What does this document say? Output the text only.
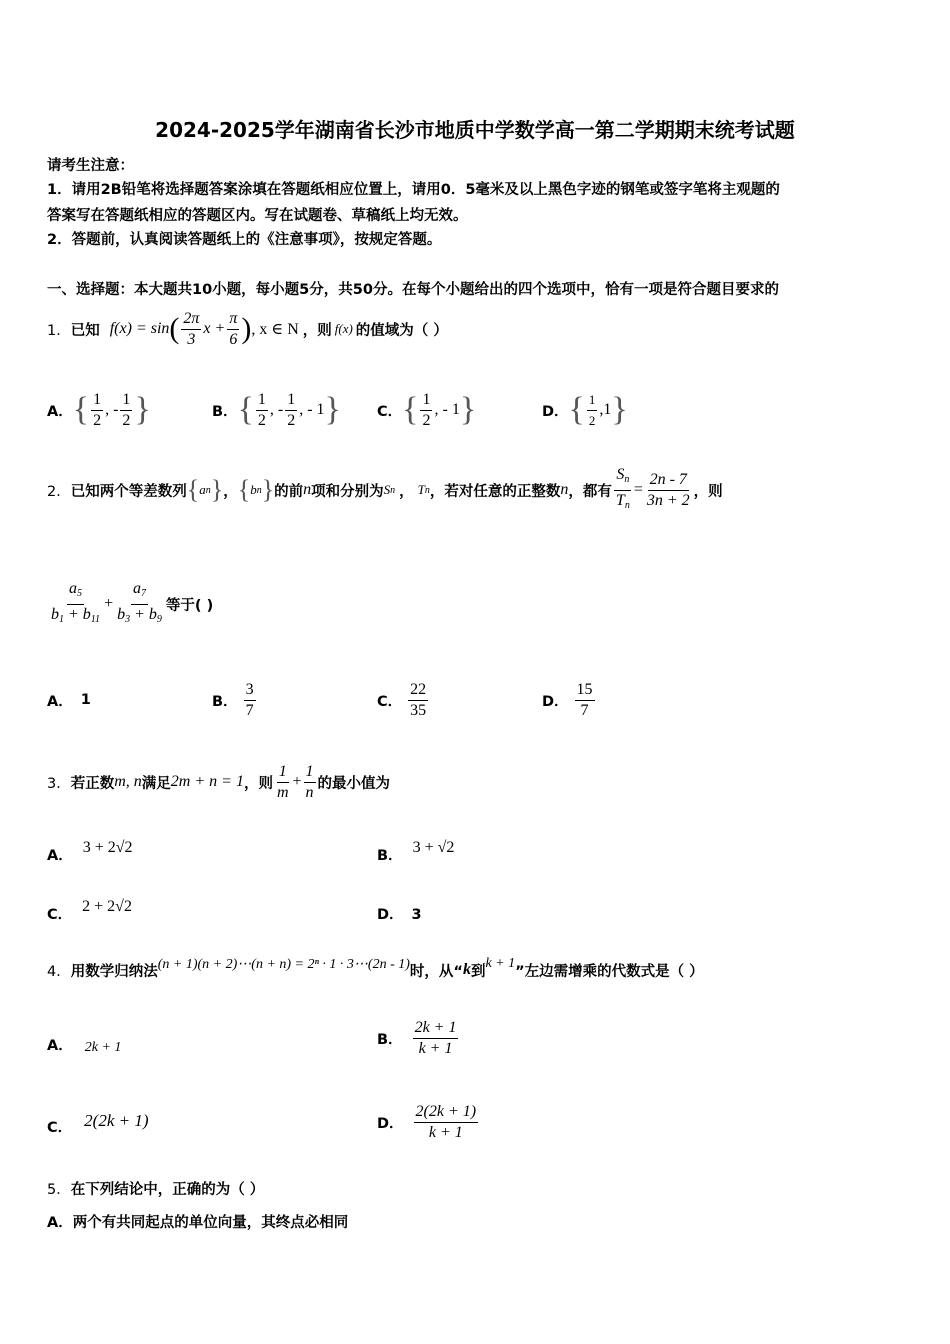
2024-2025学年湖南省长沙市地质中学数学高一第二学期期末统考试题
请考生注意：
1．请用2B铅笔将选择题答案涂填在答题纸相应位置上，请用0．5毫米及以上黑色字迹的钢笔或签字笔将主观题的
答案写在答题纸相应的答题区内。写在试题卷、草稿纸上均无效。
2．答题前，认真阅读答题纸上的《注意事项》，按规定答题。
一、选择题：本大题共10小题，每小题5分，共50分。在每个小题给出的四个选项中，恰有一项是符合题目要求的
1． 已知 f(x) = sin ( $\frac{2\pi}{3}$ $x + \frac{\pi}{6}$ ) , x ∈ N ，则 f(x) 的值域为（ ）
A． { $\frac{1}{2}$ , - $\frac{1}{2}$ }	B． { $\frac{1}{2}$ , - $\frac{1}{2}$ , - 1 } C． { $\frac{1}{2}$ , - 1 }	D． { $\frac{1}{2} ,1$ }
2． 已知两个等差数列 { a n } ， { b n } 的前 n 项和分别为 S n ， T n ，若对任意的正整数 n ，都有 $\frac{S_n}{T_n} = \frac{2n - 7}{3n + 2}$ ，则
$\frac{a_5}{b_1 + b_{11}} + \frac{a_7}{b_3 + b_9}$ 等于( )
A． 1	B． $\frac{3}{7}$	C． $\frac{22}{35}$	D． $\frac{15}{7}$
3． 若正数 m, n 满足 2m + n = 1 ，则 $\frac{1}{m} + \frac{1}{n}$ 的最小值为
A． 3 + 2√2	B． 3 + √2
C． 2 + 2√2	D． 3
4． 用数学归纳法 (n + 1)(n + 2)⋯(n + n) = 2ⁿ · 1 · 3⋯(2n - 1) 时，从“ k 到 k + 1 ”左边需增乘的代数式是（ ）
A． 2k + 1	B． $\frac{2k + 1}{k + 1}$
C． 2(2k + 1)	D． $\frac{2(2k + 1)}{k + 1}$
5．在下列结论中，正确的为（ ）
A．两个有共同起点的单位向量，其终点必相同
